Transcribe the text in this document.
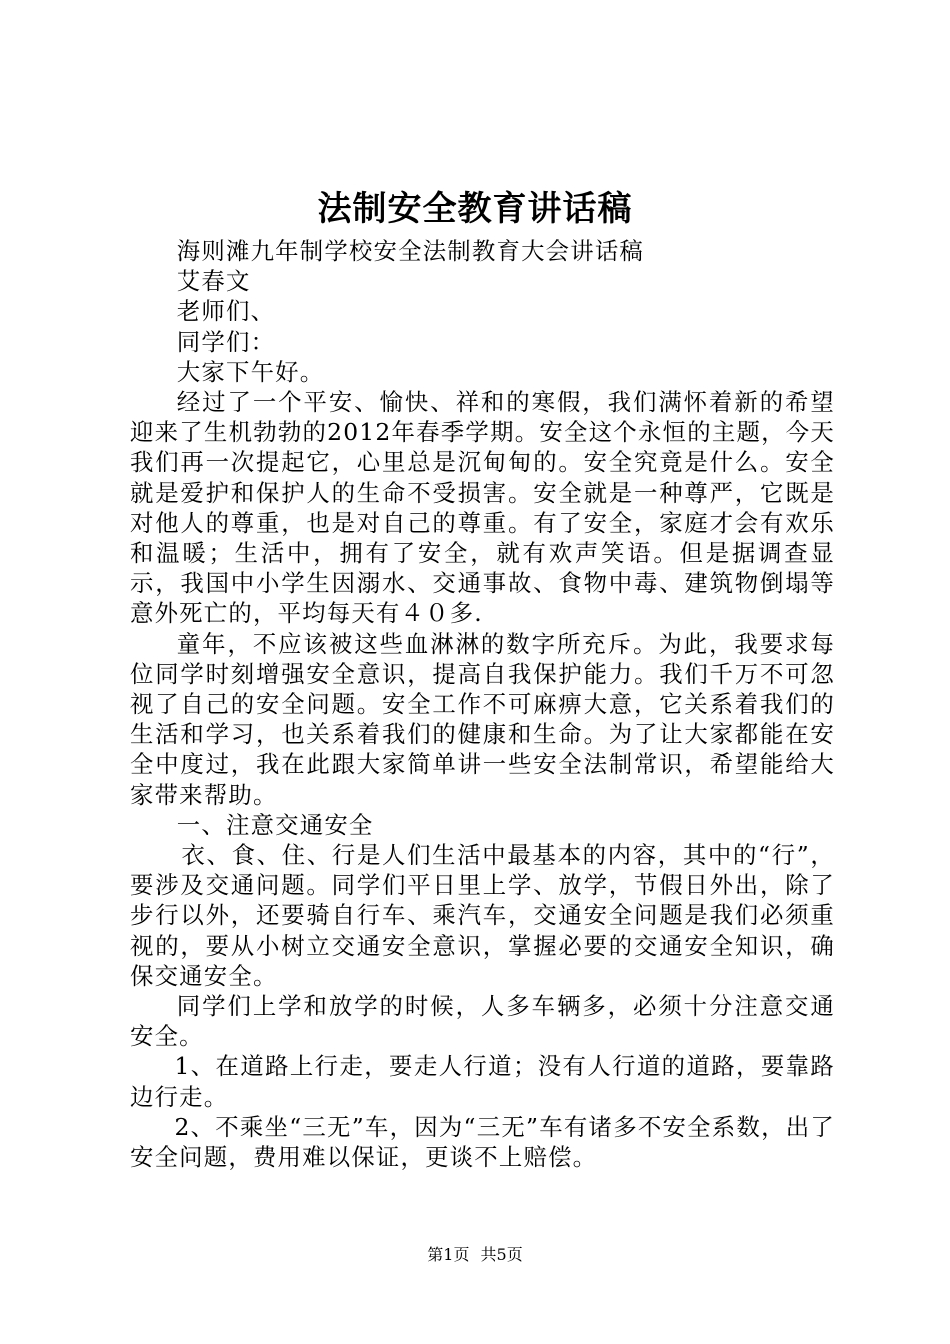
法制安全教育讲话稿

海则滩九年制学校安全法制教育大会讲话稿

艾春文

老师们、

同学们：

大家下午好。

经过了一个平安、愉快、祥和的寒假，我们满怀着新的希望迎来了生机勃勃的2012年春季学期。安全这个永恒的主题，今天我们再一次提起它，心里总是沉甸甸的。安全究竟是什么。安全就是爱护和保护人的生命不受损害。安全就是一种尊严，它既是对他人的尊重，也是对自己的尊重。有了安全，家庭才会有欢乐和温暖；生活中，拥有了安全，就有欢声笑语。但是据调查显示，我国中小学生因溺水、交通事故、食物中毒、建筑物倒塌等意外死亡的，平均每天有４０多.

童年，不应该被这些血淋淋的数字所充斥。为此，我要求每位同学时刻增强安全意识，提高自我保护能力。我们千万不可忽视了自己的安全问题。安全工作不可麻痹大意，它关系着我们的生活和学习，也关系着我们的健康和生命。为了让大家都能在安全中度过，我在此跟大家简单讲一些安全法制常识，希望能给大家带来帮助。

一、注意交通安全

衣、食、住、行是人们生活中最基本的内容，其中的“行”，要涉及交通问题。同学们平日里上学、放学，节假日外出，除了步行以外，还要骑自行车、乘汽车，交通安全问题是我们必须重视的，要从小树立交通安全意识，掌握必要的交通安全知识，确保交通安全。

同学们上学和放学的时候，人多车辆多，必须十分注意交通安全。

1、在道路上行走，要走人行道；没有人行道的道路，要靠路边行走。

2、不乘坐“三无”车，因为“三无”车有诸多不安全系数，出了安全问题，费用难以保证，更谈不上赔偿。

第1页 共5页
